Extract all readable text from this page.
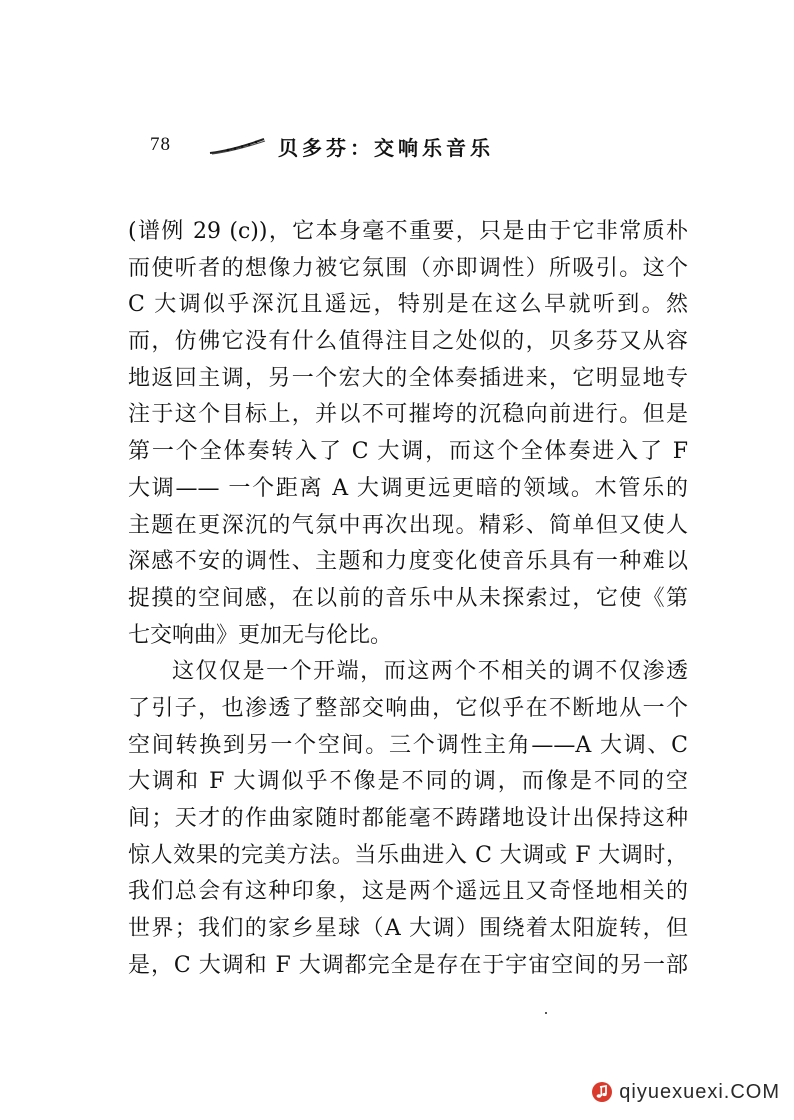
78	贝多芬：交响乐音乐
(谱例 29 (c))，它本身毫不重要，只是由于它非常质朴
而使听者的想像力被它氛围（亦即调性）所吸引。这个
C 大调似乎深沉且遥远，特别是在这么早就听到。然
而，仿佛它没有什么值得注目之处似的，贝多芬又从容
地返回主调，另一个宏大的全体奏插进来，它明显地专
注于这个目标上，并以不可摧垮的沉稳向前进行。但是
第一个全体奏转入了 C 大调，而这个全体奏进入了 F
大调—— 一个距离 A 大调更远更暗的领域。木管乐的
主题在更深沉的气氛中再次出现。精彩、简单但又使人
深感不安的调性、主题和力度变化使音乐具有一种难以
捉摸的空间感，在以前的音乐中从未探索过，它使《第
七交响曲》更加无与伦比。
这仅仅是一个开端，而这两个不相关的调不仅渗透
了引子，也渗透了整部交响曲，它似乎在不断地从一个
空间转换到另一个空间。三个调性主角——A 大调、C
大调和 F 大调似乎不像是不同的调，而像是不同的空
间；天才的作曲家随时都能毫不踌躇地设计出保持这种
惊人效果的完美方法。当乐曲进入 C 大调或 F 大调时，
我们总会有这种印象，这是两个遥远且又奇怪地相关的
世界；我们的家乡星球（A 大调）围绕着太阳旋转，但
是，C 大调和 F 大调都完全是存在于宇宙空间的另一部
qiyuexuexi.COM
